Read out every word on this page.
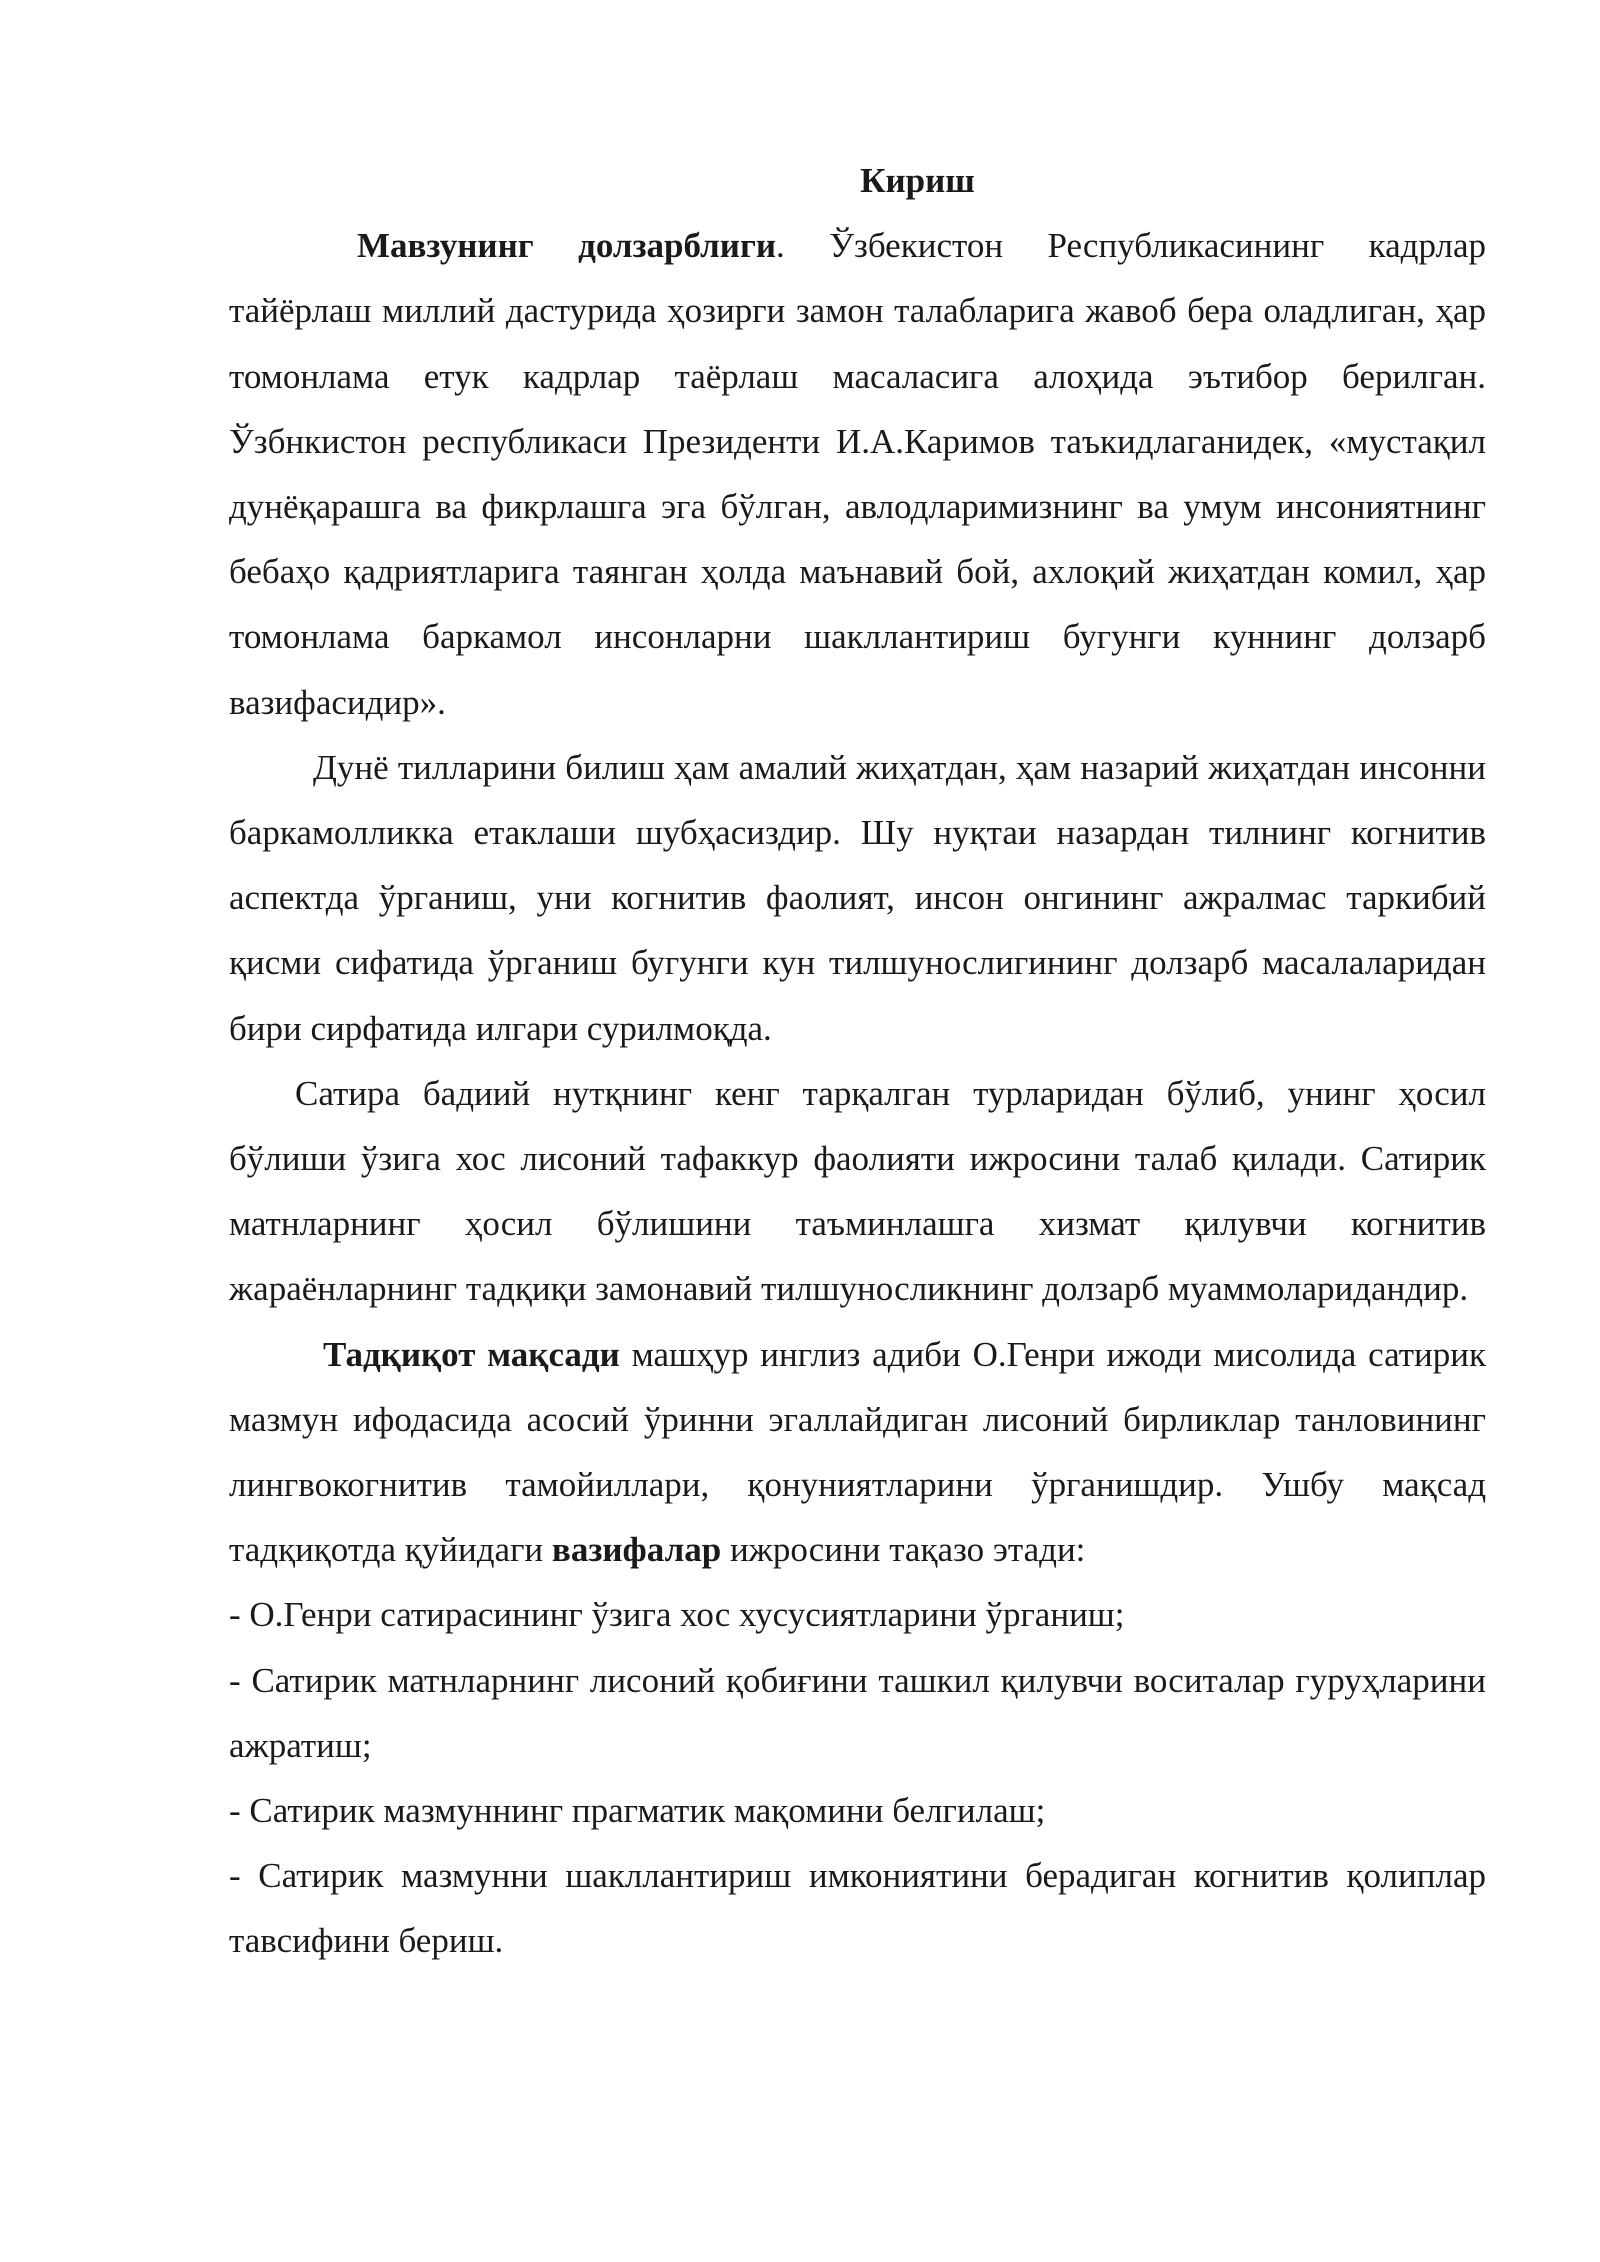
Кириш

Мавзунинг долзарблиги. Ўзбекистон Республикасининг кадрлар тайёрлаш миллий дастурида ҳозирги замон талабларига жавоб бера оладлиган, ҳар томонлама етук кадрлар таёрлаш масаласига алоҳида эътибор берилган. Ўзбнкистон республикаси Президенти И.А.Каримов таъкидлаганидек, «мустақил дунёқарашга ва фикрлашга эга бўлган, авлодларимизнинг ва умум инсониятнинг бебаҳо қадриятларига таянган ҳолда маънавий бой, ахлоқий жиҳатдан комил, ҳар томонлама баркамол инсонларни шакллантириш бугунги куннинг долзарб вазифасидир».

Дунё тилларини билиш ҳам амалий жиҳатдан, ҳам назарий жиҳатдан инсонни баркамолликка етаклаши шубҳасиздир. Шу нуқтаи назардан тилнинг когнитив аспектда ўрганиш, уни когнитив фаолият, инсон онгининг ажралмас таркибий қисми сифатида ўрганиш бугунги кун тилшунослигининг долзарб масалаларидан бири сирфатида илгари сурилмоқда.

Сатира бадиий нутқнинг кенг тарқалган турларидан бўлиб, унинг ҳосил бўлиши ўзига хос лисоний тафаккур фаолияти ижросини талаб қилади. Сатирик матнларнинг ҳосил бўлишини таъминлашга хизмат қилувчи когнитив жараёнларнинг тадқиқи замонавий тилшуносликнинг долзарб муаммоларидандир.

Тадқиқот мақсади машҳур инглиз адиби О.Генри ижоди мисолида сатирик мазмун ифодасида асосий ўринни эгаллайдиган лисоний бирликлар танловининг лингвокогнитив тамойиллари, қонуниятларини ўрганишдир. Ушбу мақсад тадқиқотда қуйидаги вазифалар ижросини тақазо этади:

- О.Генри сатирасининг ўзига хос хусусиятларини ўрганиш;

- Сатирик матнларнинг лисоний қобиғини ташкил қилувчи воситалар гуруҳларини ажратиш;

- Сатирик мазмуннинг прагматик мақомини белгилаш;

- Сатирик мазмунни шакллантириш имкониятини берадиган когнитив қолиплар тавсифини бериш.
